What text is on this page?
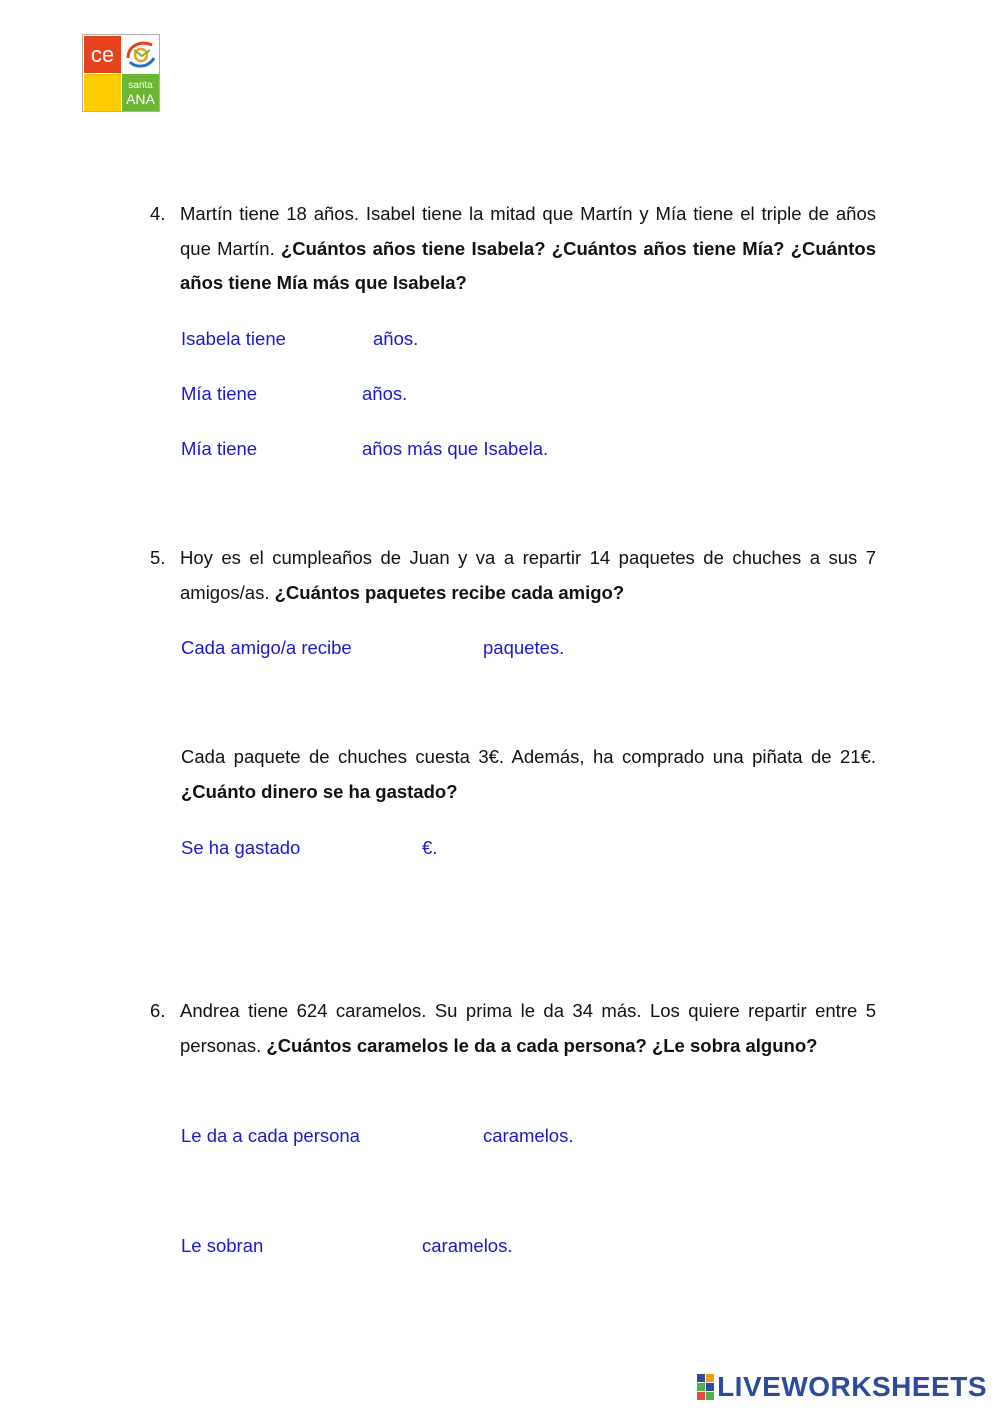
ce
santa
ANA
4. Martín tiene 18 años. Isabel tiene la mitad que Martín y Mía tiene el triple de años que Martín. ¿Cuántos años tiene Isabela? ¿Cuántos años tiene Mía? ¿Cuántos años tiene Mía más que Isabela?
Isabela tiene	años.
Mía tiene	años.
Mía tiene	años más que Isabela.
5. Hoy es el cumpleaños de Juan y va a repartir 14 paquetes de chuches a sus 7 amigos/as. ¿Cuántos paquetes recibe cada amigo?
Cada amigo/a recibe	paquetes.
Cada paquete de chuches cuesta 3€. Además, ha comprado una piñata de 21€. ¿Cuánto dinero se ha gastado?
Se ha gastado	€.
6. Andrea tiene 624 caramelos. Su prima le da 34 más. Los quiere repartir entre 5 personas. ¿Cuántos caramelos le da a cada persona? ¿Le sobra alguno?
Le da a cada persona	caramelos.
Le sobran	caramelos.
LIVEWORKSHEETS
